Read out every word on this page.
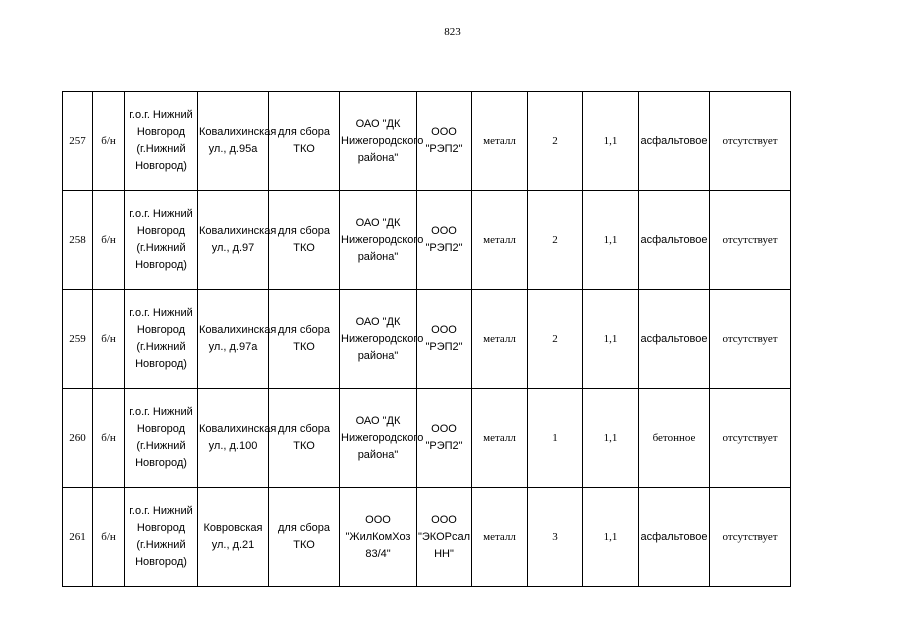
823
257	б/н	г.о.г. Нижний Новгород (г.Нижний Новгород)	Ковалихинская ул., д.95а	для сбора ТКО	ОАО "ДК Нижегородского района"	ООО "РЭП2"	металл	2	1,1	асфальтовое	отсутствует
258	б/н	г.о.г. Нижний Новгород (г.Нижний Новгород)	Ковалихинская ул., д.97	для сбора ТКО	ОАО "ДК Нижегородского района"	ООО "РЭП2"	металл	2	1,1	асфальтовое	отсутствует
259	б/н	г.о.г. Нижний Новгород (г.Нижний Новгород)	Ковалихинская ул., д.97а	для сбора ТКО	ОАО "ДК Нижегородского района"	ООО "РЭП2"	металл	2	1,1	асфальтовое	отсутствует
260	б/н	г.о.г. Нижний Новгород (г.Нижний Новгород)	Ковалихинская ул., д.100	для сбора ТКО	ОАО "ДК Нижегородского района"	ООО "РЭП2"	металл	1	1,1	бетонное	отсутствует
261	б/н	г.о.г. Нижний Новгород (г.Нижний Новгород)	Ковровская ул., д.21	для сбора ТКО	ООО "ЖилКомХоз 83/4"	ООО "ЭКОРсал НН"	металл	3	1,1	асфальтовое	отсутствует
